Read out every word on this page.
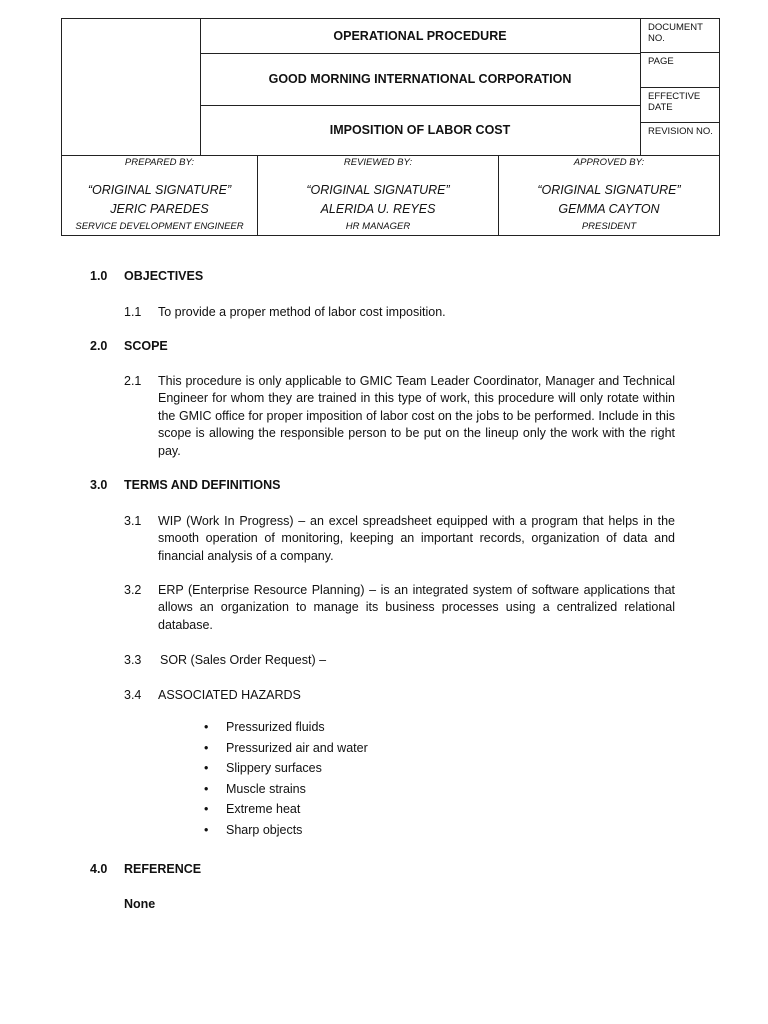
OPERATIONAL PROCEDURE
GOOD MORNING INTERNATIONAL CORPORATION
IMPOSITION OF LABOR COST
DOCUMENT NO.
PAGE
EFFECTIVE DATE
REVISION NO.
PREPARED BY:
“ORIGINAL SIGNATURE”
JERIC PAREDES
SERVICE DEVELOPMENT ENGINEER
REVIEWED BY:
“ORIGINAL SIGNATURE”
ALERIDA U. REYES
HR MANAGER
APPROVED BY:
“ORIGINAL SIGNATURE”
GEMMA CAYTON
PRESIDENT
1.0 OBJECTIVES
1.1 To provide a proper method of labor cost imposition.
2.0 SCOPE
2.1 This procedure is only applicable to GMIC Team Leader Coordinator, Manager and Technical Engineer for whom they are trained in this type of work, this procedure will only rotate within the GMIC office for proper imposition of labor cost on the jobs to be performed. Include in this scope is allowing the responsible person to be put on the lineup only the work with the right pay.
3.0 TERMS AND DEFINITIONS
3.1 WIP (Work In Progress) – an excel spreadsheet equipped with a program that helps in the smooth operation of monitoring, keeping an important records, organization of data and financial analysis of a company.
3.2 ERP (Enterprise Resource Planning) – is an integrated system of software applications that allows an organization to manage its business processes using a centralized relational database.
3.3 SOR (Sales Order Request) –
3.4 ASSOCIATED HAZARDS
• Pressurized fluids
• Pressurized air and water
• Slippery surfaces
• Muscle strains
• Extreme heat
• Sharp objects
4.0 REFERENCE
None
